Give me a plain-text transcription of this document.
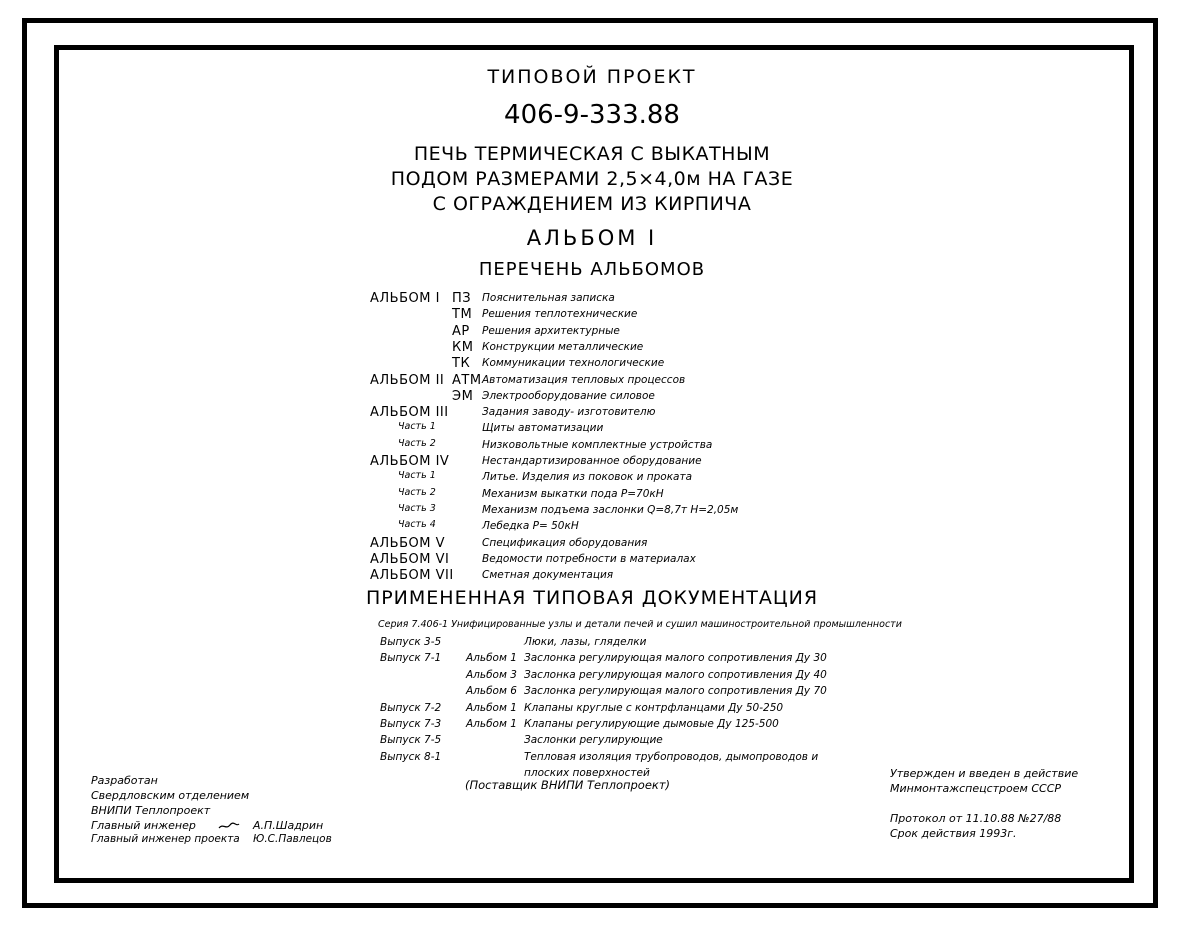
ТИПОВОЙ ПРОЕКТ
406-9-333.88
ПЕЧЬ ТЕРМИЧЕСКАЯ С ВЫКАТНЫМ
ПОДОМ РАЗМЕРАМИ 2,5×4,0м НА ГАЗЕ
С ОГРАЖДЕНИЕМ ИЗ КИРПИЧА
АЛЬБОМ I
ПЕРЕЧЕНЬ АЛЬБОМОВ
АЛЬБОМ I ПЗ Пояснительная записка
ТМ Решения теплотехнические
АР Решения архитектурные
КМ Конструкции металлические
ТК Коммуникации технологические
АЛЬБОМ II АТМ Автоматизация тепловых процессов
ЭМ Электрооборудование силовое
АЛЬБОМ III	Задания заводу- изготовителю
Часть 1	Щиты автоматизации
Часть 2	Низковольтные комплектные устройства
АЛЬБОМ IV	Нестандартизированное оборудование
Часть 1	Литье. Изделия из поковок и проката
Часть 2	Механизм выкатки пода P=70кН
Часть 3	Механизм подъема заслонки Q=8,7т H=2,05м
Часть 4	Лебедка P= 50кН
АЛЬБОМ V	Спецификация оборудования
АЛЬБОМ VI	Ведомости потребности в материалах
АЛЬБОМ VII	Сметная документация
ПРИМЕНЕННАЯ ТИПОВАЯ ДОКУМЕНТАЦИЯ
Серия 7.406-1 Унифицированные узлы и детали печей и сушил машиностроительной промышленности
Выпуск 3-5	Люки, лазы, гляделки
Выпуск 7-1 Альбом 1 Заслонка регулирующая малого сопротивления Ду 30
Альбом 3 Заслонка регулирующая малого сопротивления Ду 40
Альбом 6 Заслонка регулирующая малого сопротивления Ду 70
Выпуск 7-2 Альбом 1 Клапаны круглые с контрфланцами Ду 50-250
Выпуск 7-3 Альбом 1 Клапаны регулирующие дымовые Ду 125-500
Выпуск 7-5	Заслонки регулирующие
Выпуск 8-1	Тепловая изоляция трубопроводов, дымопроводов и
плоских поверхностей
(Поставщик ВНИПИ Теплопроект)
Разработан
Свердловским отделением
ВНИПИ Теплопроект
Главный инженер	А.П.Шадрин
Главный инженер проекта Ю.С.Павлецов
Утвержден и введен в действие
Минмонтажспецстроем СССР
Протокол от 11.10.88 №27/88
Срок действия 1993г.
